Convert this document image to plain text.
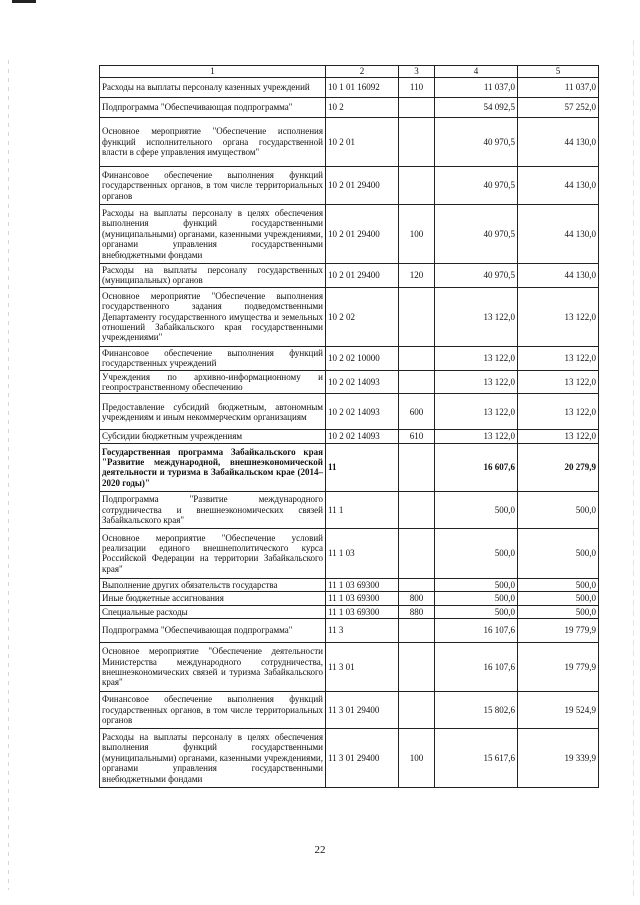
1	2	3	4	5
Расходы на выплаты персоналу казенных учреждений	10 1 01 16092	110	11 037,0	11 037,0
Подпрограмма "Обеспечивающая подпрограмма"	10 2		54 092,5	57 252,0
Основное мероприятие "Обеспечение исполнения функций исполнительного органа государственной власти в сфере управления имуществом"	10 2 01		40 970,5	44 130,0
Финансовое обеспечение выполнения функций государственных органов, в том числе территориальных органов	10 2 01 29400		40 970,5	44 130,0
Расходы на выплаты персоналу в целях обеспечения выполнения функций государственными (муниципальными) органами, казенными учреждениями, органами управления государственными внебюджетными фондами	10 2 01 29400	100	40 970,5	44 130,0
Расходы на выплаты персоналу государственных (муниципальных) органов	10 2 01 29400	120	40 970,5	44 130,0
Основное мероприятие "Обеспечение выполнения государственного задания подведомственными Департаменту государственного имущества и земельных отношений Забайкальского края государственными учреждениями"	10 2 02		13 122,0	13 122,0
Финансовое обеспечение выполнения функций государственных учреждений	10 2 02 10000		13 122,0	13 122,0
Учреждения по архивно-информационному и геопространственному обеспечению	10 2 02 14093		13 122,0	13 122,0
Предоставление субсидий бюджетным, автономным учреждениям и иным некоммерческим организациям	10 2 02 14093	600	13 122,0	13 122,0
Субсидии бюджетным учреждениям	10 2 02 14093	610	13 122,0	13 122,0
Государственная программа Забайкальского края "Развитие международной, внешнеэкономической деятельности и туризма в Забайкальском крае (2014–2020 годы)"	11		16 607,6	20 279,9
Подпрограмма "Развитие международного сотрудничества и внешнеэкономических связей Забайкальского края"	11 1		500,0	500,0
Основное мероприятие "Обеспечение условий реализации единого внешнеполитического курса Российской Федерации на территории Забайкальского края"	11 1 03		500,0	500,0
Выполнение других обязательств государства	11 1 03 69300		500,0	500,0
Иные бюджетные ассигнования	11 1 03 69300	800	500,0	500,0
Специальные расходы	11 1 03 69300	880	500,0	500,0
Подпрограмма "Обеспечивающая подпрограмма"	11 3		16 107,6	19 779,9
Основное мероприятие "Обеспечение деятельности Министерства международного сотрудничества, внешнеэкономических связей и туризма Забайкальского края"	11 3 01		16 107,6	19 779,9
Финансовое обеспечение выполнения функций государственных органов, в том числе территориальных органов	11 3 01 29400		15 802,6	19 524,9
Расходы на выплаты персоналу в целях обеспечения выполнения функций государственными (муниципальными) органами, казенными учреждениями, органами управления государственными внебюджетными фондами	11 3 01 29400	100	15 617,6	19 339,9
22
